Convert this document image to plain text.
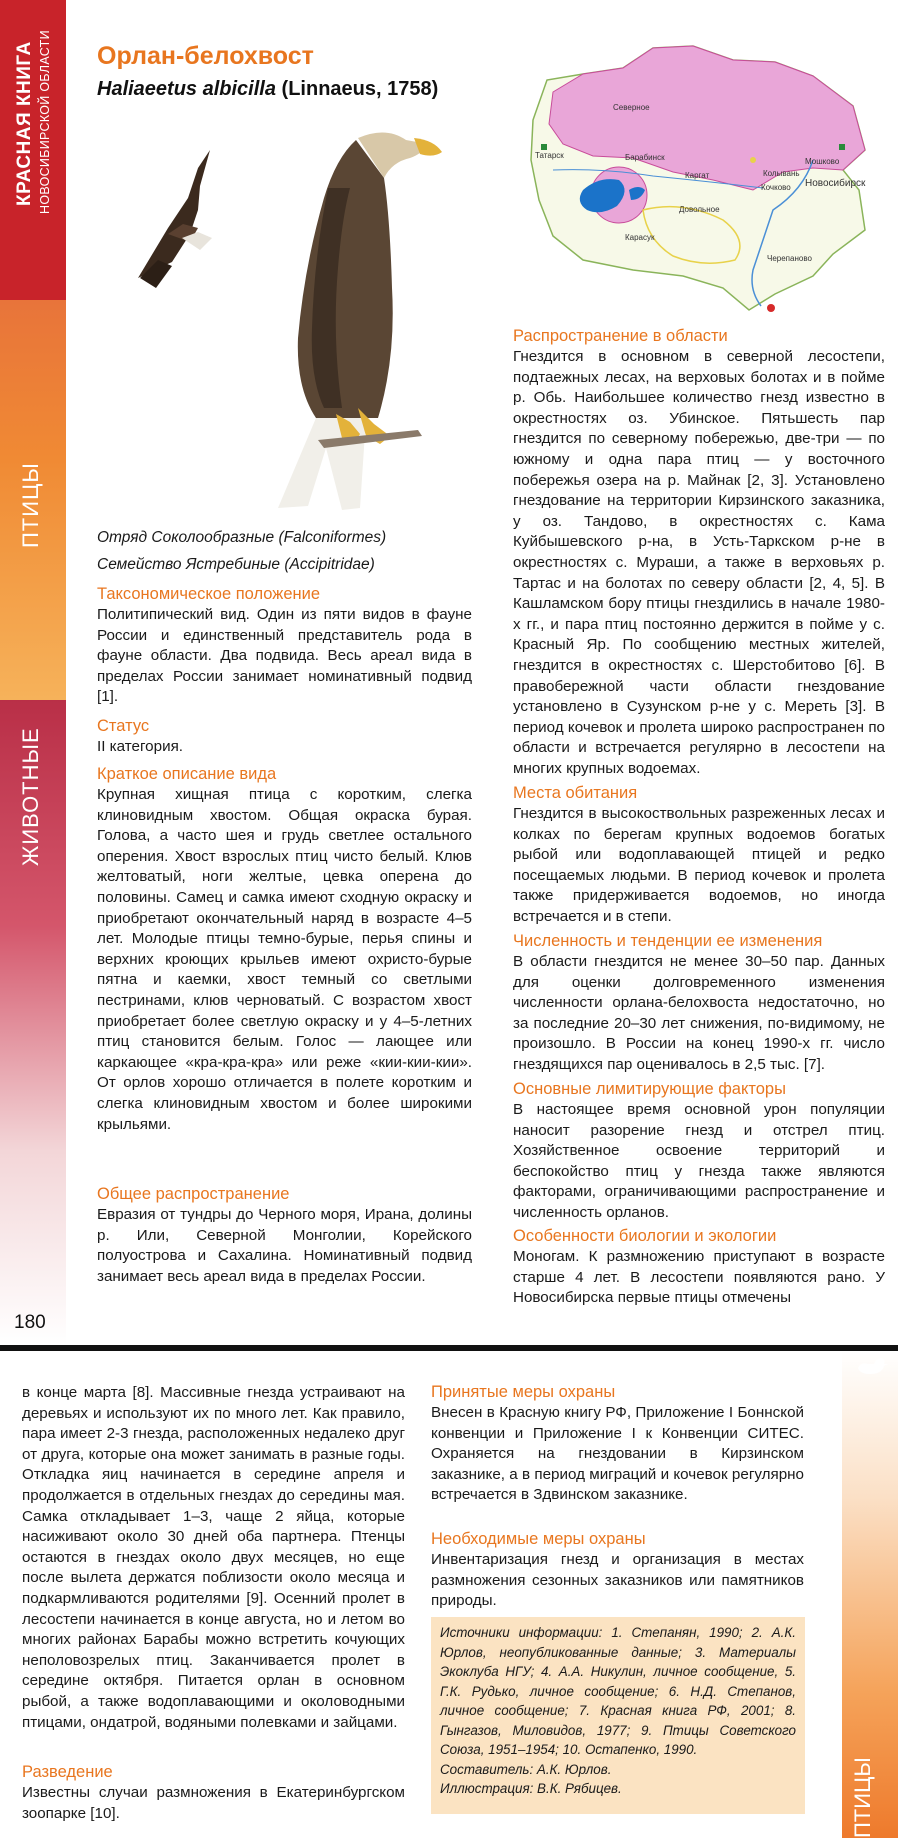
КРАСНАЯ КНИГА НОВОСИБИРСКОЙ ОБЛАСТИ
ПТИЦЫ
ЖИВОТНЫЕ
180
Орлан-белохвост
Haliaeetus albicilla (Linnaeus, 1758)
Отряд Соколообразные (Falconiformes)
Семейство Ястребиные (Accipitridae)
Северное
Татарск	Барабинск
Каргат	Колывань
Мошково
Кочково Новосибирск
Довольное
Карасук
Черепаново
Таксономическое положение
Политипический вид. Один из пяти видов в фауне России и единственный представитель рода в фауне области. Два подвида. Весь ареал вида в пределах России занимает номинативный подвид [1].
Статус
II категория.
Краткое описание вида
Крупная хищная птица с коротким, слегка клиновидным хвостом. Общая окраска бурая. Голова, а часто шея и грудь светлее остального оперения. Хвост взрослых птиц чисто белый. Клюв желтоватый, ноги желтые, цевка оперена до половины. Самец и самка имеют сходную окраску и приобретают окончательный наряд в возрасте 4–5 лет. Молодые птицы темно-бурые, перья спины и верхних кроющих крыльев имеют охристо-бурые пятна и каемки, хвост темный со светлыми пестринами, клюв черноватый. С возрастом хвост приобретает более светлую окраску и у 4–5-летних птиц становится белым. Голос — лающее или каркающее «кра-кра-кра» или реже «кии-кии-кии». От орлов хорошо отличается в полете коротким и слегка клиновидным хвостом и более широкими крыльями.
Общее распространение
Евразия от тундры до Черного моря, Ирана, долины р. Или, Северной Монголии, Корейского полуострова и Сахалина. Номинативный подвид занимает весь ареал вида в пределах России.
Распространение в области
Гнездится в основном в северной лесостепи, подтаежных лесах, на верховых болотах и в пойме р. Обь. Наибольшее количество гнезд известно в окрестностях оз. Убинское. Пятьшесть пар гнездится по северному побережью, две-три — по южному и одна пара птиц — у восточного побережья озера на р. Майнак [2, 3]. Установлено гнездование на территории Кирзинского заказника, у оз. Тандово, в окрестностях с. Кама Куйбышевского р-на, в Усть-Таркском р-не в окрестностях с. Мураши, а также в верховьях р. Тартас и на болотах по северу области [2, 4, 5]. В Кашламском бору птицы гнездились в начале 1980-х гг., и пара птиц постоянно держится в пойме у с. Красный Яр. По сообщению местных жителей, гнездится в окрестностях с. Шерстобитово [6]. В правобережной части области гнездование установлено в Сузунском р-не у с. Мереть [3]. В период кочевок и пролета широко распространен по области и встречается регулярно в лесостепи на многих крупных водоемах.
Места обитания
Гнездится в высокоствольных разреженных лесах и колках по берегам крупных водоемов богатых рыбой или водоплавающей птицей и редко посещаемых людьми. В период кочевок и пролета также придерживается водоемов, но иногда встречается и в степи.
Численность и тенденции ее изменения
В области гнездится не менее 30–50 пар. Данных для оценки долговременного изменения численности орлана-белохвоста недостаточно, но за последние 20–30 лет снижения, по-видимому, не произошло. В России на конец 1990-х гг. число гнездящихся пар оценивалось в 2,5 тыс. [7].
Основные лимитирующие факторы
В настоящее время основной урон популяции наносит разорение гнезд и отстрел птиц. Хозяйственное освоение территорий и беспокойство птиц у гнезда также являются факторами, ограничивающими распространение и численность орланов.
Особенности биологии и экологии
Моногам. К размножению приступают в возрасте старше 4 лет. В лесостепи появляются рано. У Новосибирска первые птицы отмечены
ПТИЦЫ
в конце марта [8]. Массивные гнезда устраивают на деревьях и используют их по много лет. Как правило, пара имеет 2-3 гнезда, расположенных недалеко друг от друга, которые она может занимать в разные годы. Откладка яиц начинается в середине апреля и продолжается в отдельных гнездах до середины мая. Самка откладывает 1–3, чаще 2 яйца, которые насиживают около 30 дней оба партнера. Птенцы остаются в гнездах около двух месяцев, но еще после вылета держатся поблизости около месяца и подкармливаются родителями [9]. Осенний пролет в лесостепи начинается в конце августа, но и летом во многих районах Барабы можно встретить кочующих неполовозрелых птиц. Заканчивается пролет в середине октября. Питается орлан в основном рыбой, а также водоплавающими и околоводными птицами, ондатрой, водяными полевками и зайцами.
Разведение
Известны случаи размножения в Екатеринбургском зоопарке [10].
Принятые меры охраны
Внесен в Красную книгу РФ, Приложение I Боннской конвенции и Приложение I к Конвенции СИТЕС. Охраняется на гнездовании в Кирзинском заказнике, а в период миграций и кочевок регулярно встречается в Здвинском заказнике.
Необходимые меры охраны
Инвентаризация гнезд и организация в местах размножения сезонных заказников или памятников природы.

Источники информации: 1. Степанян, 1990; 2. А.К. Юрлов, неопубликованные данные; 3. Материалы Экоклуба НГУ; 4. А.А. Никулин, личное сообщение, 5. Г.К. Рудько, личное сообщение; 6. Н.Д. Степанов, личное сообщение; 7. Красная книга РФ, 2001; 8. Гынгазов, Миловидов, 1977; 9. Птицы Советского Союза, 1951–1954; 10. Остапенко, 1990.

Составитель: А.К. Юрлов.

Иллюстрация: В.К. Рябицев.
